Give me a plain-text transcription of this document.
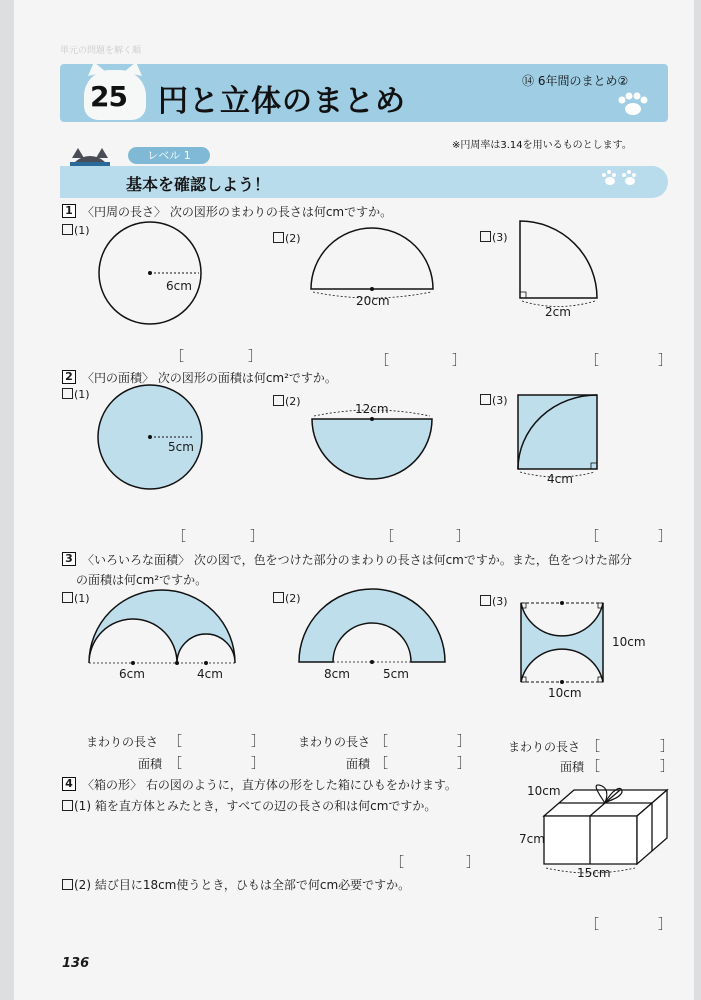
単元の問題を解く順
25 円と立体のまとめ
⑭ 6年間のまとめ②
※円周率は3.14を用いるものとします。
レベル 1
基本を確認しよう！
1 〈円周の長さ〉 次の図形のまわりの長さは何cmですか。
(1)
(2)	(3)
6cm
20cm
2cm
［	］	［	］	［	］
2 〈円の面積〉 次の図形の面積は何cm²ですか。
(1)
(2)	(3)
5cm
12cm
4cm
［	］	［	］	［	］
3 〈いろいろな面積〉 次の図で，色をつけた部分のまわりの長さは何cmですか。また，色をつけた部分
の面積は何cm²ですか。
(1)	(2)	(3)
6cm	4cm	8cm	5cm
10cm
10cm
まわりの長さ ［	］
面積 ［	］
まわりの長さ ［	］
面積 ［	］
まわりの長さ ［	］
面積 ［	］
4 〈箱の形〉 右の図のように，直方体の形をした箱にひもをかけます。
(1) 箱を直方体とみたとき，すべての辺の長さの和は何cmですか。
［	］
(2) 結び目に18cm使うとき，ひもは全部で何cm必要ですか。
［	］
10cm
7cm
15cm
136
